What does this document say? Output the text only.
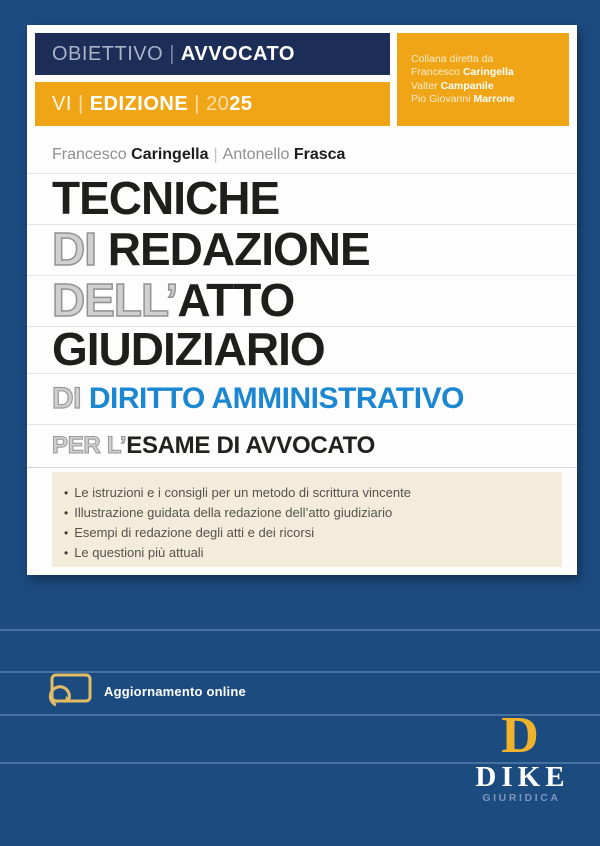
OBIETTIVO | AVVOCATO
VI | EDIZIONE | 2025
Collana diretta da
Francesco Caringella
Valter Campanile
Pio Giovanni Marrone
Francesco Caringella | Antonello Frasca
TECNICHE
DI REDAZIONE
DELL’ATTO
GIUDIZIARIO
DI DIRITTO AMMINISTRATIVO
PER L’ESAME DI AVVOCATO
• Le istruzioni e i consigli per un metodo di scrittura vincente
• Illustrazione guidata della redazione dell’atto giudiziario
• Esempi di redazione degli atti e dei ricorsi
• Le questioni più attuali
Aggiornamento online
D
DIKE
GIURIDICA
